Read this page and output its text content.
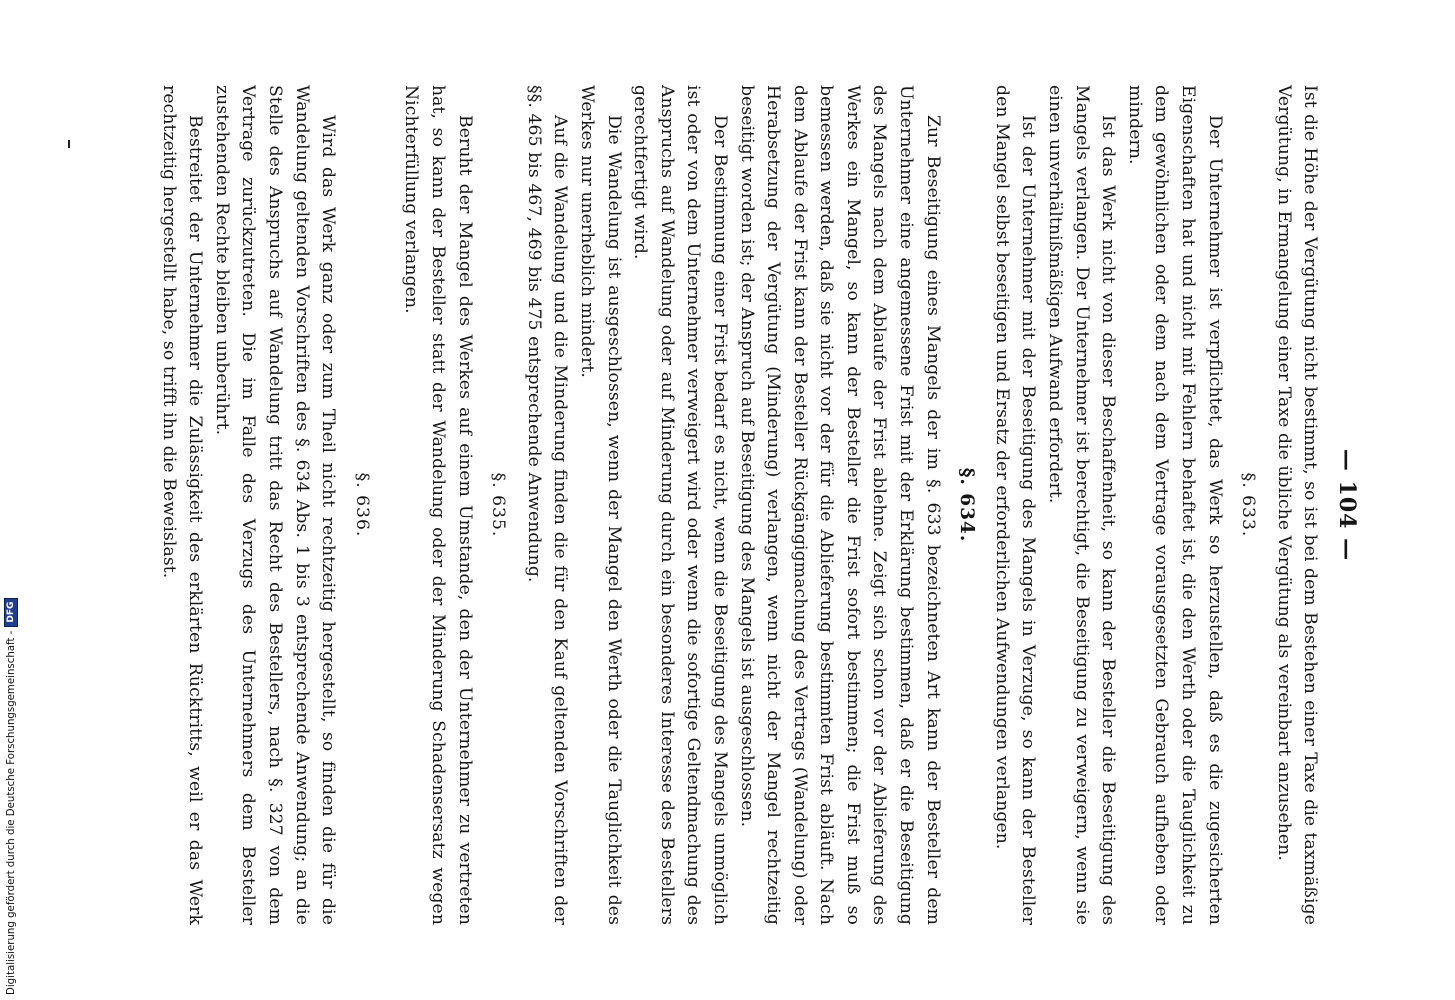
— 104 —

Ist die Höhe der Vergütung nicht bestimmt, so ist bei dem Bestehen einer Taxe die taxmäßige Vergütung, in Ermangelung einer Taxe die übliche Vergütung als vereinbart anzusehen.

§. 633.

Der Unternehmer ist verpflichtet, das Werk so herzustellen, daß es die zugesicherten Eigenschaften hat und nicht mit Fehlern behaftet ist, die den Werth oder die Tauglichkeit zu dem gewöhnlichen oder dem nach dem Vertrage vorausgesetzten Gebrauch aufheben oder mindern.

Ist das Werk nicht von dieser Beschaffenheit, so kann der Besteller die Beseitigung des Mangels verlangen. Der Unternehmer ist berechtigt, die Beseitigung zu verweigern, wenn sie einen unverhältnißmäßigen Aufwand erfordert.

Ist der Unternehmer mit der Beseitigung des Mangels in Verzuge, so kann der Besteller den Mangel selbst beseitigen und Ersatz der erforderlichen Aufwendungen verlangen.

§. 634.

Zur Beseitigung eines Mangels der im §. 633 bezeichneten Art kann der Besteller dem Unternehmer eine angemessene Frist mit der Erklärung bestimmen, daß er die Beseitigung des Mangels nach dem Ablaufe der Frist ablehne. Zeigt sich schon vor der Ablieferung des Werkes ein Mangel, so kann der Besteller die Frist sofort bestimmen; die Frist muß so bemessen werden, daß sie nicht vor der für die Ablieferung bestimmten Frist abläuft. Nach dem Ablaufe der Frist kann der Besteller Rückgängigmachung des Vertrags (Wandelung) oder Herabsetzung der Vergütung (Minderung) verlangen, wenn nicht der Mangel rechtzeitig beseitigt worden ist; der Anspruch auf Beseitigung des Mangels ist ausgeschlossen.

Der Bestimmung einer Frist bedarf es nicht, wenn die Beseitigung des Mangels unmöglich ist oder von dem Unternehmer verweigert wird oder wenn die sofortige Geltendmachung des Anspruchs auf Wandelung oder auf Minderung durch ein besonderes Interesse des Bestellers gerechtfertigt wird.

Die Wandelung ist ausgeschlossen, wenn der Mangel den Werth oder die Tauglichkeit des Werkes nur unerheblich mindert.

Auf die Wandelung und die Minderung finden die für den Kauf geltenden Vorschriften der §§. 465 bis 467, 469 bis 475 entsprechende Anwendung.

§. 635.

Beruht der Mangel des Werkes auf einem Umstande, den der Unternehmer zu vertreten hat, so kann der Besteller statt der Wandelung oder der Minderung Schadensersatz wegen Nichterfüllung verlangen.

§. 636.

Wird das Werk ganz oder zum Theil nicht rechtzeitig hergestellt, so finden die für die Wandelung geltenden Vorschriften des §. 634 Abs. 1 bis 3 entsprechende Anwendung; an die Stelle des Anspruchs auf Wandelung tritt das Recht des Bestellers, nach §. 327 von dem Vertrage zurückzutreten. Die im Falle des Verzugs des Unternehmers dem Besteller zustehenden Rechte bleiben unberührt.

Bestreitet der Unternehmer die Zulässigkeit des erklärten Rücktritts, weil er das Werk rechtzeitig hergestellt habe, so trifft ihn die Beweislast.

Digitalisierung gefördert durch die Deutsche Forschungsgemeinschaft -
DFG
